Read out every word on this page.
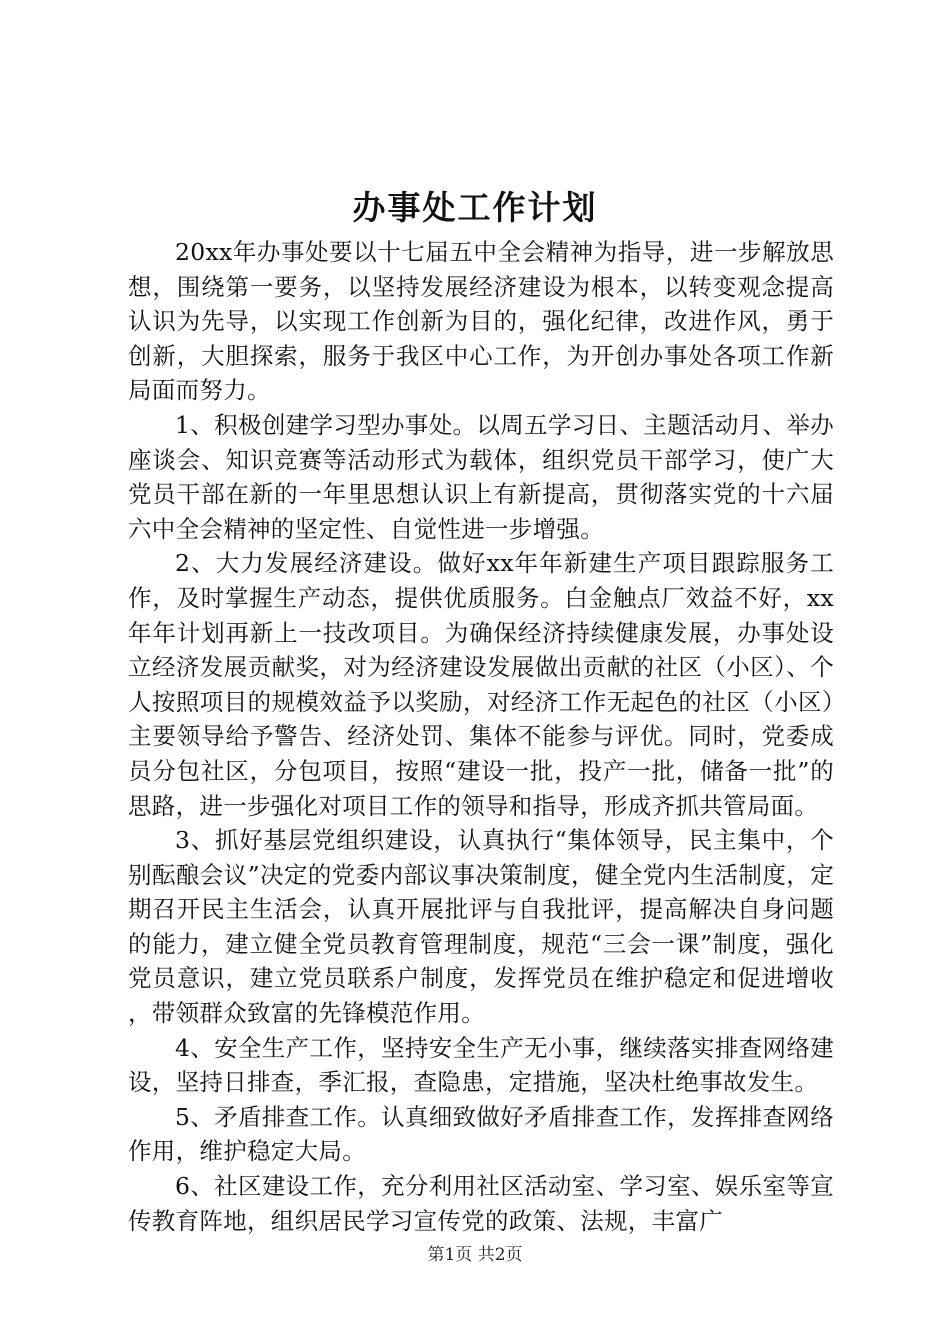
办事处工作计划

20xx年办事处要以十七届五中全会精神为指导，进一步解放思想，围绕第一要务，以坚持发展经济建设为根本，以转变观念提高认识为先导，以实现工作创新为目的，强化纪律，改进作风，勇于创新，大胆探索，服务于我区中心工作，为开创办事处各项工作新局面而努力。

1、积极创建学习型办事处。以周五学习日、主题活动月、举办座谈会、知识竞赛等活动形式为载体，组织党员干部学习，使广大党员干部在新的一年里思想认识上有新提高，贯彻落实党的十六届六中全会精神的坚定性、自觉性进一步增强。

2、大力发展经济建设。做好xx年年新建生产项目跟踪服务工作，及时掌握生产动态，提供优质服务。白金触点厂效益不好，xx年年计划再新上一技改项目。为确保经济持续健康发展，办事处设立经济发展贡献奖，对为经济建设发展做出贡献的社区（小区）、个人按照项目的规模效益予以奖励，对经济工作无起色的社区（小区）主要领导给予警告、经济处罚、集体不能参与评优。同时，党委成员分包社区，分包项目，按照“建设一批，投产一批，储备一批”的思路，进一步强化对项目工作的领导和指导，形成齐抓共管局面。

3、抓好基层党组织建设，认真执行“集体领导，民主集中，个别酝酿会议”决定的党委内部议事决策制度，健全党内生活制度，定期召开民主生活会，认真开展批评与自我批评，提高解决自身问题的能力，建立健全党员教育管理制度，规范“三会一课”制度，强化党员意识，建立党员联系户制度，发挥党员在维护稳定和促进增收，带领群众致富的先锋模范作用。

4、安全生产工作，坚持安全生产无小事，继续落实排查网络建设，坚持日排查，季汇报，查隐患，定措施，坚决杜绝事故发生。

5、矛盾排查工作。认真细致做好矛盾排查工作，发挥排查网络作用，维护稳定大局。

6、社区建设工作，充分利用社区活动室、学习室、娱乐室等宣传教育阵地，组织居民学习宣传党的政策、法规，丰富广

第1页 共2页
